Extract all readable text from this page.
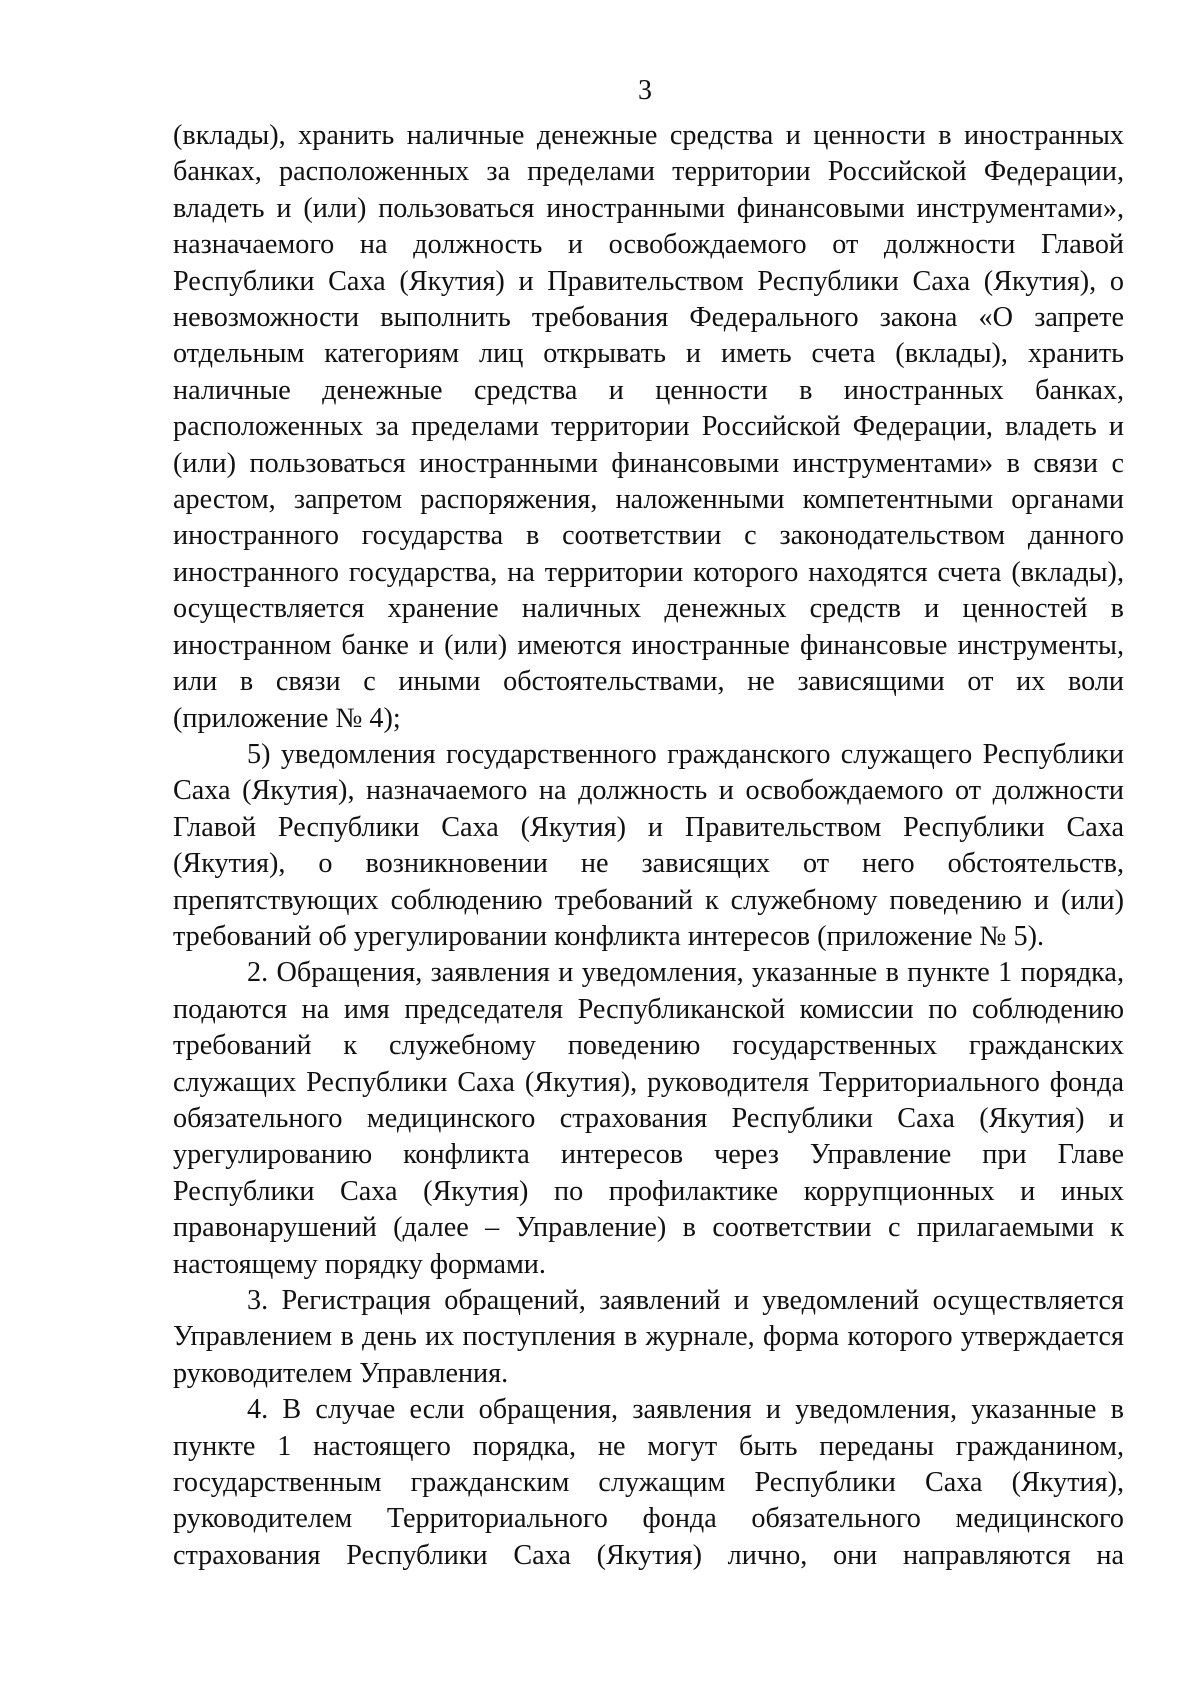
3

(вклады), хранить наличные денежные средства и ценности в иностранных банках, расположенных за пределами территории Российской Федерации, владеть и (или) пользоваться иностранными финансовыми инструментами», назначаемого на должность и освобождаемого от должности Главой Республики Саха (Якутия) и Правительством Республики Саха (Якутия), о невозможности выполнить требования Федерального закона «О запрете отдельным категориям лиц открывать и иметь счета (вклады), хранить наличные денежные средства и ценности в иностранных банках, расположенных за пределами территории Российской Федерации, владеть и (или) пользоваться иностранными финансовыми инструментами» в связи с арестом, запретом распоряжения, наложенными компетентными органами иностранного государства в соответствии с законодательством данного иностранного государства, на территории которого находятся счета (вклады), осуществляется хранение наличных денежных средств и ценностей в иностранном банке и (или) имеются иностранные финансовые инструменты, или в связи с иными обстоятельствами, не зависящими от их воли (приложение № 4);

5) уведомления государственного гражданского служащего Республики Саха (Якутия), назначаемого на должность и освобождаемого от должности Главой Республики Саха (Якутия) и Правительством Республики Саха (Якутия), о возникновении не зависящих от него обстоятельств, препятствующих соблюдению требований к служебному поведению и (или) требований об урегулировании конфликта интересов (приложение № 5).

2. Обращения, заявления и уведомления, указанные в пункте 1 порядка, подаются на имя председателя Республиканской комиссии по соблюдению требований к служебному поведению государственных гражданских служащих Республики Саха (Якутия), руководителя Территориального фонда обязательного медицинского страхования Республики Саха (Якутия) и урегулированию конфликта интересов через Управление при Главе Республики Саха (Якутия) по профилактике коррупционных и иных правонарушений (далее – Управление) в соответствии с прилагаемыми к настоящему порядку формами.

3. Регистрация обращений, заявлений и уведомлений осуществляется Управлением в день их поступления в журнале, форма которого утверждается руководителем Управления.

4. В случае если обращения, заявления и уведомления, указанные в пункте 1 настоящего порядка, не могут быть переданы гражданином, государственным гражданским служащим Республики Саха (Якутия), руководителем Территориального фонда обязательного медицинского страхования Республики Саха (Якутия) лично, они направляются на
